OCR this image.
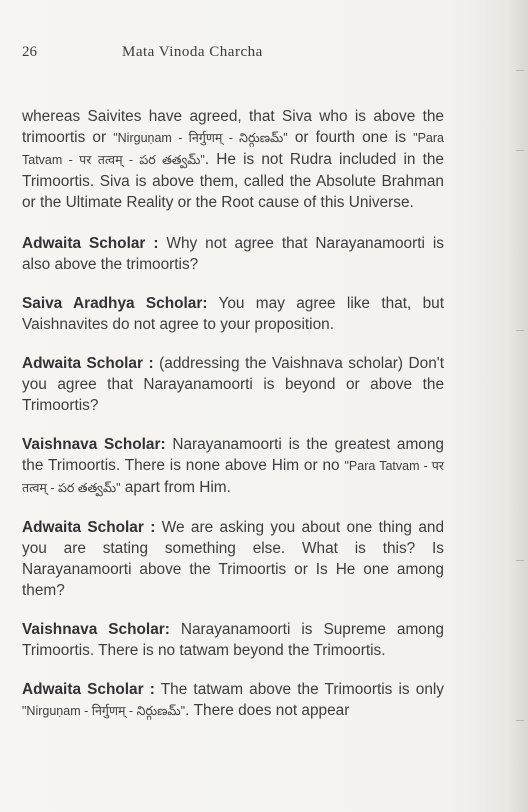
26	Mata Vinoda Charcha

whereas Saivites have agreed, that Siva who is above the trimoortis or "Nirguṇam - निर्गुणम् - నిర్గుణమ్" or fourth one is "Para Tatvam - पर तत्वम् - పర తత్వమ్". He is not Rudra included in the Trimoortis. Siva is above them, called the Absolute Brahman or the Ultimate Reality or the Root cause of this Universe.

Adwaita Scholar : Why not agree that Narayanamoorti is also above the trimoortis?

Saiva Aradhya Scholar: You may agree like that, but Vaishnavites do not agree to your proposition.

Adwaita Scholar : (addressing the Vaishnava scholar) Don't you agree that Narayanamoorti is beyond or above the Trimoortis?

Vaishnava Scholar: Narayanamoorti is the greatest among the Trimoortis. There is none above Him or no "Para Tatvam - पर तत्वम् - పర తత్వమ్" apart from Him.

Adwaita Scholar : We are asking you about one thing and you are stating something else. What is this? Is Narayanamoorti above the Trimoortis or Is He one among them?

Vaishnava Scholar: Narayanamoorti is Supreme among Trimoortis. There is no tatwam beyond the Trimoortis.

Adwaita Scholar : The tatwam above the Trimoortis is only "Nirguṇam - निर्गुणम् - నిర్గుణమ్". There does not appear
